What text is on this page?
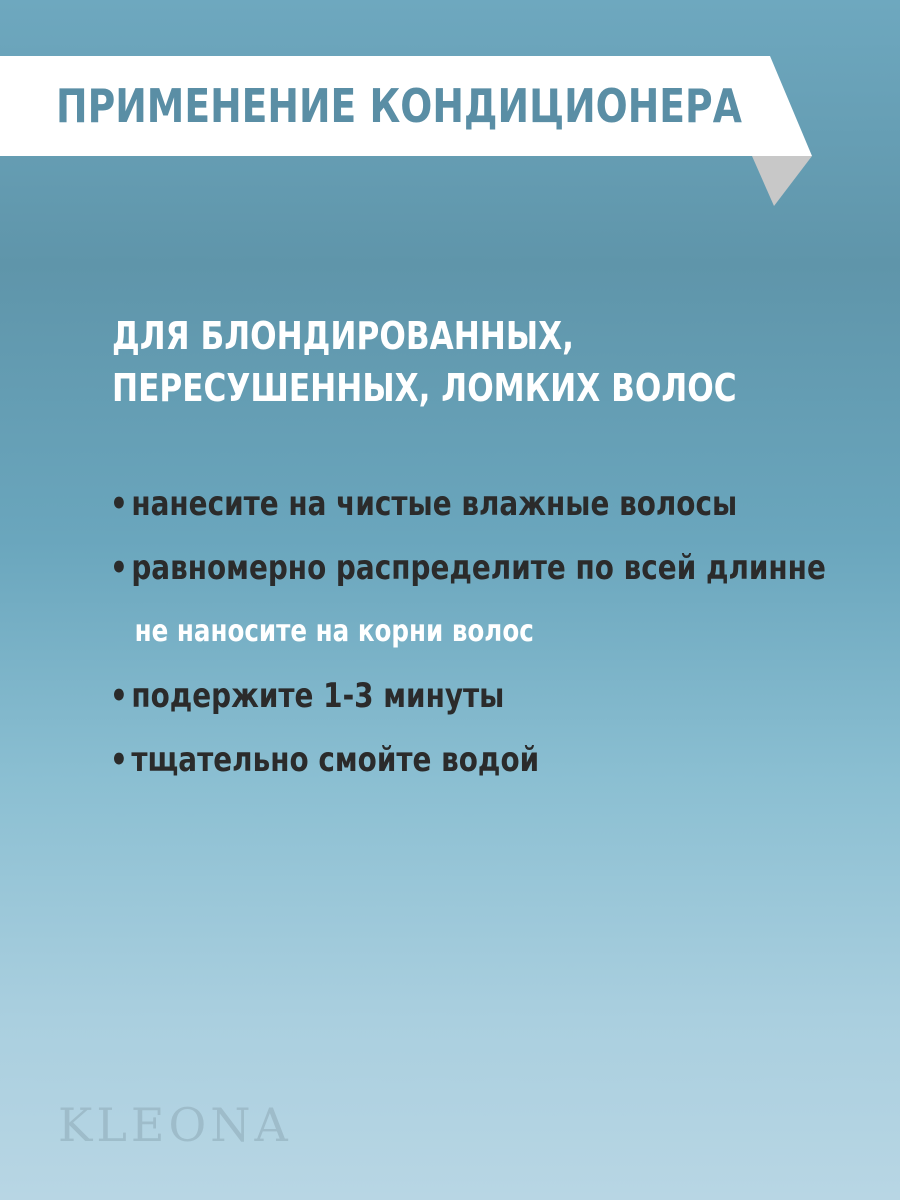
ПРИМЕНЕНИЕ КОНДИЦИОНЕРА
ДЛЯ БЛОНДИРОВАННЫХ,
ПЕРЕСУШЕННЫХ, ЛОМКИХ ВОЛОС
• нанесите на чистые влажные волосы
• равномерно распределите по всей длинне
не наносите на корни волос
• подержите 1-3 минуты
• тщательно смойте водой
KLEONA
